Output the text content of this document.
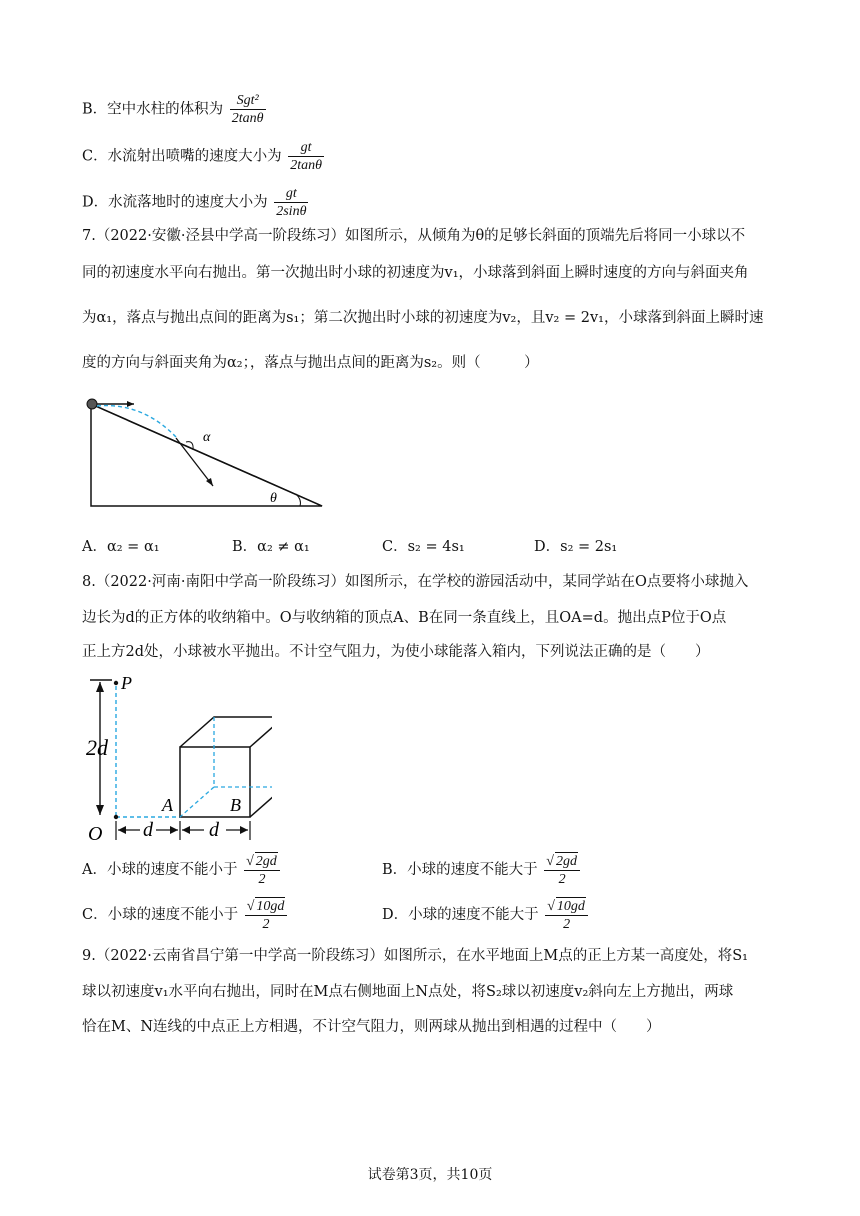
B．空中水柱的体积为 $\frac{\text{Sgt²}}{2\tan\theta}$
C．水流射出喷嘴的速度大小为 $\frac{gt}{2\tan\theta}$
D．水流落地时的速度大小为 $\frac{gt}{2\sin\theta}$
7.（2022·安徽·泾县中学高一阶段练习）如图所示，从倾角为θ的足够长斜面的顶端先后将同一小球以不
同的初速度水平向右抛出。第一次抛出时小球的初速度为v₁，小球落到斜面上瞬时速度的方向与斜面夹角
为α₁，落点与抛出点间的距离为s₁；第二次抛出时小球的初速度为v₂，且v₂ = 2v₁，小球落到斜面上瞬时速
度的方向与斜面夹角为α₂；，落点与抛出点间的距离为s₂。则（　　　）
α
θ
A．α₂ = α₁	B．α₂ ≠ α₁	C．s₂ = 4s₁	D．s₂ = 2s₁
8.（2022·河南·南阳中学高一阶段练习）如图所示，在学校的游园活动中，某同学站在O点要将小球抛入
边长为d的正方体的收纳箱中。O与收纳箱的顶点A、B在同一条直线上，且OA=d。抛出点P位于O点
正上方2d处，小球被水平抛出。不计空气阻力，为使小球能落入箱内，下列说法正确的是（　　）
2d
P
A	B
O d	d
A．小球的速度不能小于 $\frac{√ 2gd}{2}$	B．小球的速度不能大于 $\frac{√ 2gd}{2}$
C．小球的速度不能小于 $\frac{√ 10gd}{2}$	D．小球的速度不能大于 $\frac{√ 10gd}{2}$
9.（2022·云南省昌宁第一中学高一阶段练习）如图所示，在水平地面上M点的正上方某一高度处，将S₁
球以初速度v₁水平向右抛出，同时在M点右侧地面上N点处，将S₂球以初速度v₂斜向左上方抛出，两球
恰在M、N连线的中点正上方相遇，不计空气阻力，则两球从抛出到相遇的过程中（　　）
试卷第3页，共10页
